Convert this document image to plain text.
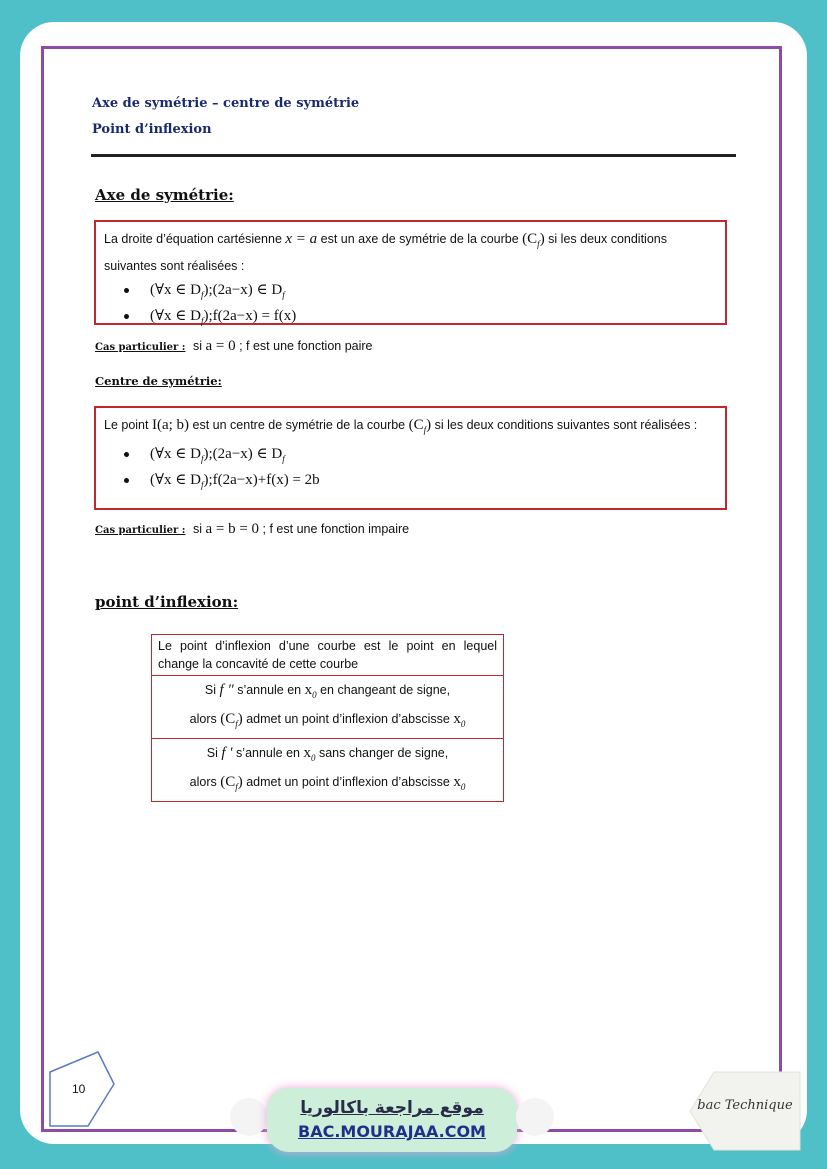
Axe de symétrie – centre de symétrie
Point d’inflexion
Axe de symétrie:
La droite d’équation cartésienne x = a est un axe de symétrie de la courbe $(C_f)$ si les deux conditions suivantes sont réalisées :
(∀x ∈ $D_f);(2a-x)$ ∈ $D_f$
(∀x ∈ $D_f);f(2a-x) = f(x)$
Cas particulier : si a = 0 ; f est une fonction paire
Centre de symétrie:
Le point I(a; b) est un centre de symétrie de la courbe $(C_f)$ si les deux conditions suivantes sont réalisées :
(∀x ∈ $D_f);(2a-x)$ ∈ $D_f$
(∀x ∈ $D_f);f(2a-x)+f(x) = 2b$
Cas particulier : si a = b = 0 ; f est une fonction impaire
point d’inflexion:
Le point d’inflexion d’une courbe est le point en lequel change la concavité de cette courbe

Si f ″ s’annule en $x_0$ en changeant de signe,
alors $(C_f)$ admet un point d’inflexion d’abscisse $x_0$

Si f ′ s’annule en $x_0$ sans changer de signe,
alors $(C_f)$ admet un point d’inflexion d’abscisse $x_0$
10
موقع مراجعة باكالوريا
BAC.MOURAJAA.COM
bac Technique
